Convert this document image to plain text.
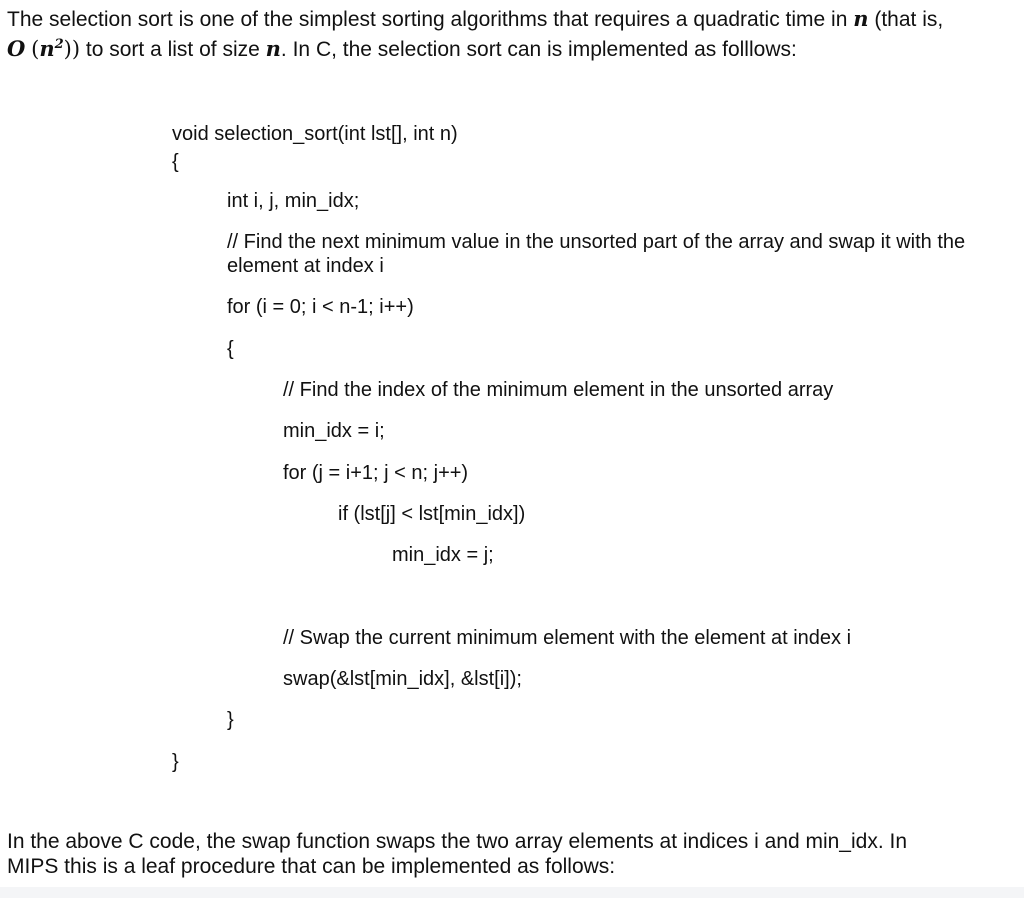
The selection sort is one of the simplest sorting algorithms that requires a quadratic time in n (that is,

O $(n^2)$) to sort a list of size n. In C, the selection sort can is implemented as folllows:

void selection_sort(int lst[], int n)
{
int i, j, min_idx;
// Find the next minimum value in the unsorted part of the array and swap it with the element at index i
for (i = 0; i < n-1; i++)
{
// Find the index of the minimum element in the unsorted array
min_idx = i;
for (j = i+1; j < n; j++)
if (lst[j] < lst[min_idx])
min_idx = j;
// Swap the current minimum element with the element at index i
swap(&lst[min_idx], &lst[i]);
}
}

In the above C code, the swap function swaps the two array elements at indices i and min_idx. In

MIPS this is a leaf procedure that can be implemented as follows:
